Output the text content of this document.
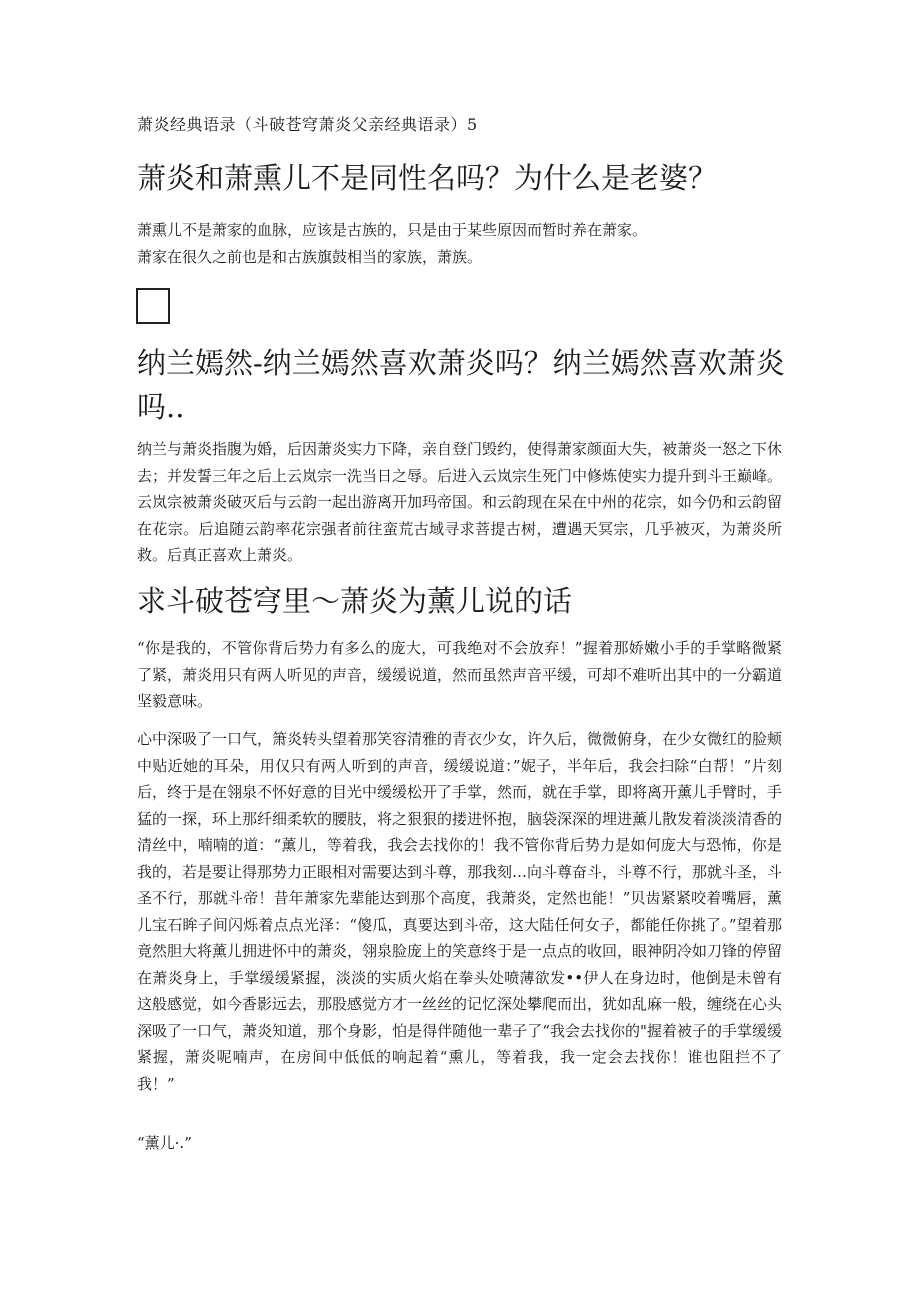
萧炎经典语录（斗破苍穹萧炎父亲经典语录）5
萧炎和萧熏儿不是同性名吗？为什么是老婆？

萧熏儿不是萧家的血脉，应该是古族的，只是由于某些原因而暂时养在萧家。
萧家在很久之前也是和古族旗鼓相当的家族，萧族。

纳兰嫣然-纳兰嫣然喜欢萧炎吗？纳兰嫣然喜欢萧炎吗..

纳兰与萧炎指腹为婚，后因萧炎实力下降，亲自登门毁约，使得萧家颜面大失，被萧炎一怒之下休去；并发誓三年之后上云岚宗一洗当日之辱。后进入云岚宗生死门中修炼使实力提升到斗王巅峰。云岚宗被萧炎破灭后与云韵一起出游离开加玛帝国。和云韵现在呆在中州的花宗，如今仍和云韵留在花宗。后追随云韵率花宗强者前往蛮荒古域寻求菩提古树，遭遇天冥宗，几乎被灭，为萧炎所救。后真正喜欢上萧炎。

求斗破苍穹里～萧炎为薰儿说的话

“你是我的，不管你背后势力有多么的庞大，可我绝对不会放弃！”握着那娇嫩小手的手掌略微紧了紧，萧炎用只有两人听见的声音，缓缓说道，然而虽然声音平缓，可却不难听出其中的一分霸道坚毅意味。

心中深吸了一口气，箫炎转头望着那笑容清雅的青衣少女，许久后，微微俯身，在少女微红的脸颊中贴近她的耳朵，用仅只有两人听到的声音，缓缓说道：”妮子，半年后，我会扫除“白帮！”片刻后，终于是在翎泉不怀好意的目光中缓缓松开了手掌，然而，就在手掌，即将离开薰儿手臂时，手猛的一探，环上那纤细柔软的腰肢，将之狠狠的搂进怀抱，脑袋深深的埋进薰儿散发着淡淡清香的清丝中，喃喃的道：“薰儿，等着我，我会去找你的！我不管你背后势力是如何庞大与恐怖，你是我的，若是要让得那势力正眼相对需要达到斗尊，那我刻…向斗尊奋斗，斗尊不行，那就斗圣，斗圣不行，那就斗帝！昔年萧家先辈能达到那个高度，我萧炎，定然也能！”贝齿紧紧咬着嘴唇，薰儿宝石眸子间闪烁着点点光泽：“傻瓜，真要达到斗帝，这大陆任何女子，都能任你挑了。”望着那竟然胆大将薰儿拥进怀中的萧炎，翎泉脸庞上的笑意终于是一点点的收回，眼神阴冷如刀锋的停留在萧炎身上，手掌缓缓紧握，淡淡的实质火焰在拳头处喷薄欲发••伊人在身边时，他倒是未曾有这般感觉，如今香影远去，那股感觉方才一丝丝的记忆深处攀爬而出，犹如乱麻一般，缠绕在心头深吸了一口气，萧炎知道，那个身影，怕是得伴随他一辈子了“我会去找你的"握着被子的手掌缓缓紧握，萧炎呢喃声，在房间中低低的响起着“熏儿，等着我，我一定会去找你！谁也阻拦不了我！”

“薰儿·.”
